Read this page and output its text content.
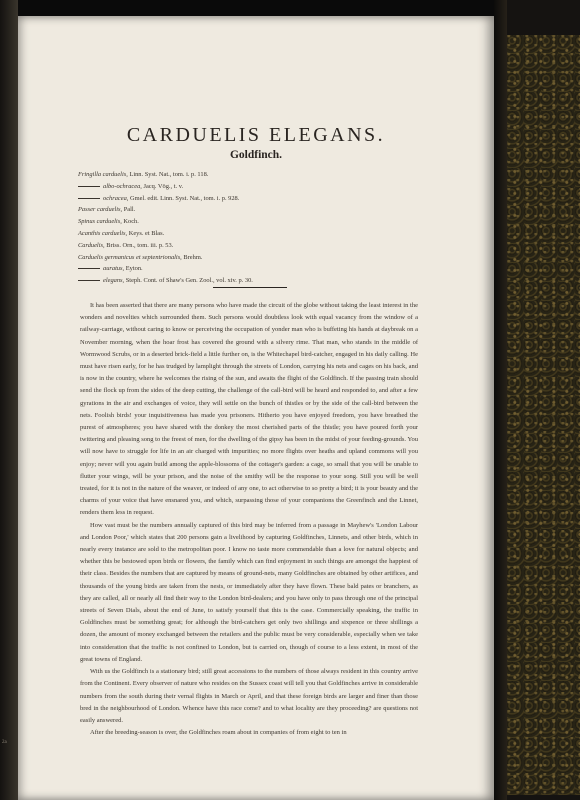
2a
CARDUELIS ELEGANS.
Goldfinch.
Fringilla carduelis, Linn. Syst. Nat., tom. i. p. 118.
albo-ochracea, Jacq. Vög., t. v.
ochracea, Gmel. edit. Linn. Syst. Nat., tom. i. p. 928.
Passer carduelis, Pall.
Spinus carduelis, Koch.
Acanthis carduelis, Keys. et Blas.
Carduelis, Briss. Orn., tom. iii. p. 53.
Carduelis germanicus et septentrionalis, Brehm.
auratus, Eyton.
elegans, Steph. Cont. of Shaw's Gen. Zool., vol. xiv. p. 30.

It has been asserted that there are many persons who have made the circuit of the globe without taking the least interest in the wonders and novelties which surrounded them. Such persons would doubtless look with equal vacancy from the window of a railway-carriage, without caring to know or perceiving the occupation of yonder man who is buffeting his hands at daybreak on a November morning, when the hoar frost has covered the ground with a silvery rime. That man, who stands in the middle of Wormwood Scrubs, or in a deserted brick-field a little further on, is the Whitechapel bird-catcher, engaged in his daily calling. He must have risen early, for he has trudged by lamplight through the streets of London, carrying his nets and cages on his back, and is now in the country, where he welcomes the rising of the sun, and awaits the flight of the Goldfinch. If the passing train should send the flock up from the sides of the deep cutting, the challenge of the call-bird will be heard and responded to, and after a few gyrations in the air and exchanges of voice, they will settle on the bunch of thistles or by the side of the call-bird between the nets. Foolish birds! your inquisitiveness has made you prisoners. Hitherto you have enjoyed freedom, you have breathed the purest of atmospheres; you have shared with the donkey the most cherished parts of the thistle; you have poured forth your twittering and pleasing song to the freest of men, for the dwelling of the gipsy has been in the midst of your feeding-grounds. You will now have to struggle for life in an air charged with impurities; no more flights over heaths and upland commons will you enjoy; never will you again build among the apple-blossoms of the cottager's garden: a cage, so small that you will be unable to flutter your wings, will be your prison, and the noise of the smithy will be the response to your song. Still you will be well treated, for it is not in the nature of the weaver, or indeed of any one, to act otherwise to so pretty a bird; it is your beauty and the charms of your voice that have ensnared you, and which, surpassing those of your companions the Greenfinch and the Linnet, renders them less in request.

How vast must be the numbers annually captured of this bird may be inferred from a passage in Mayhew's 'London Labour and London Poor,' which states that 200 persons gain a livelihood by capturing Goldfinches, Linnets, and other birds, which in nearly every instance are sold to the metropolitan poor. I know no taste more commendable than a love for natural objects; and whether this be bestowed upon birds or flowers, the family which can find enjoyment in such things are amongst the happiest of their class. Besides the numbers that are captured by means of ground-nets, many Goldfinches are obtained by other artifices, and thousands of the young birds are taken from the nests, or immediately after they have flown. These bald pates or branchers, as they are called, all or nearly all find their way to the London bird-dealers; and you have only to pass through one of the principal streets of Seven Dials, about the end of June, to satisfy yourself that this is the case. Commercially speaking, the traffic in Goldfinches must be something great; for although the bird-catchers get only two shillings and sixpence or three shillings a dozen, the amount of money exchanged between the retailers and the public must be very considerable, especially when we take into consideration that the traffic is not confined to London, but is carried on, though of course to a less extent, in most of the great towns of England.

With us the Goldfinch is a stationary bird; still great accessions to the numbers of those always resident in this country arrive from the Continent. Every observer of nature who resides on the Sussex coast will tell you that Goldfinches arrive in considerable numbers from the south during their vernal flights in March or April, and that these foreign birds are larger and finer than those bred in the neighbourhood of London. Whence have this race come? and to what locality are they proceeding? are questions not easily answered.

After the breeding-season is over, the Goldfinches roam about in companies of from eight to ten in
